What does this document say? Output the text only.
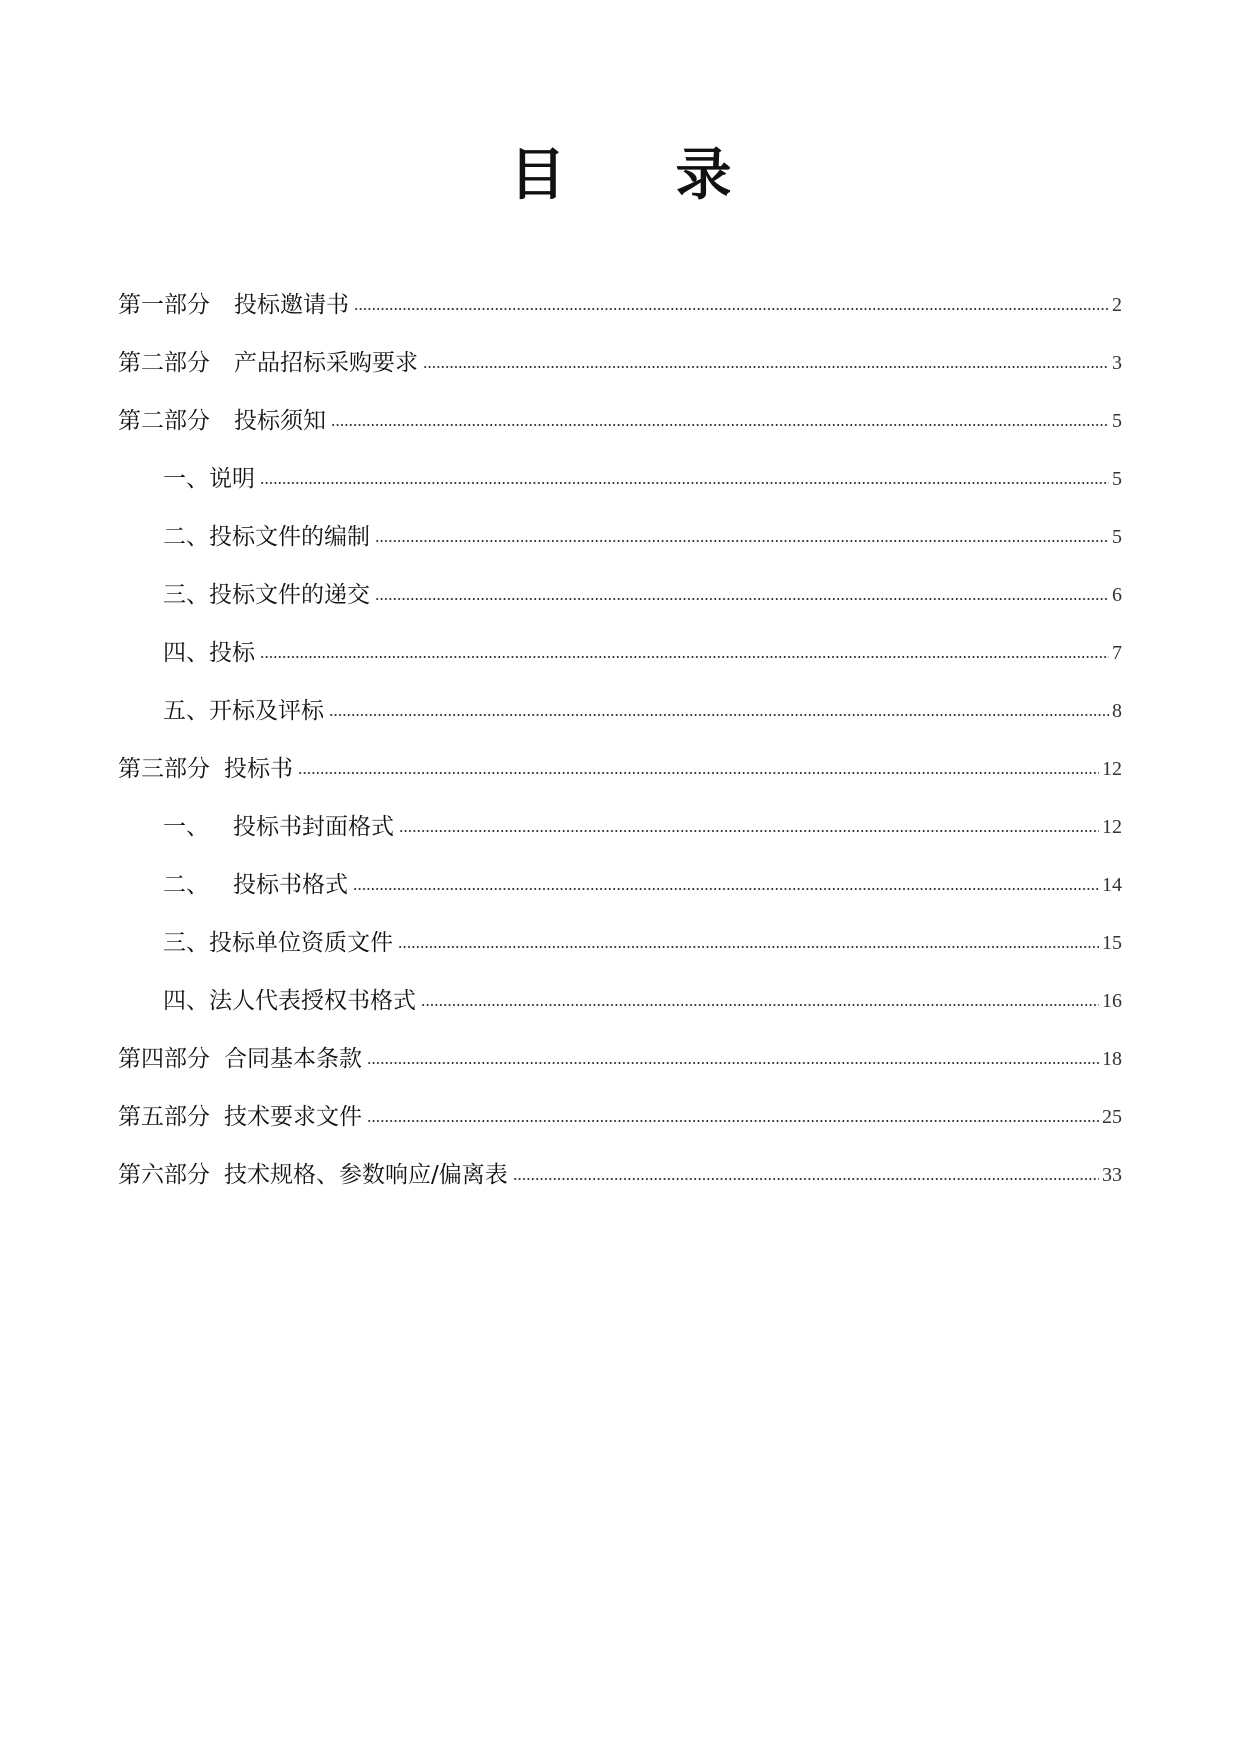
目 录
第一部分 投标邀请书	2
第二部分 产品招标采购要求	3
第二部分 投标须知	5
一、说明	5
二、投标文件的编制	5
三、投标文件的递交	6
四、投标	7
五、开标及评标	8
第三部分 投标书	12
一、 投标书封面格式	12
二、 投标书格式	14
三、投标单位资质文件	15
四、法人代表授权书格式	16
第四部分 合同基本条款	18
第五部分 技术要求文件	25
第六部分 技术规格、参数响应/偏离表	33
